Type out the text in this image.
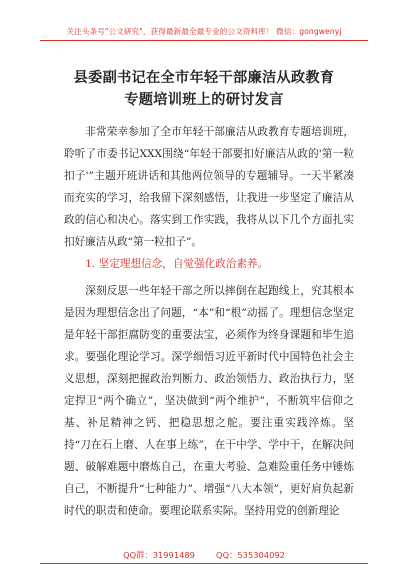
关注头条号"公文研究"，获得最新最全最专业的公文资料库！ 微信：gongwenyj
县委副书记在全市年轻干部廉洁从政教育
专题培训班上的研讨发言

非常荣幸参加了全市年轻干部廉洁从政教育专题培训班，聆听了市委书记XXX围绕“年轻干部要扣好廉洁从政的'第一粒扣子'”主题开班讲话和其他两位领导的专题辅导。一天半紧凑而充实的学习，给我留下深刻感悟，让我进一步坚定了廉洁从政的信心和决心。落实到工作实践，我将从以下几个方面扎实扣好廉洁从政“第一粒扣子”。

1. 坚定理想信念，自觉强化政治素养。

深刻反思一些年轻干部之所以摔倒在起跑线上，究其根本是因为理想信念出了问题，“本”和“根”动摇了。理想信念坚定是年轻干部拒腐防变的重要法宝，必须作为终身课题和毕生追求。要强化理论学习。深学细悟习近平新时代中国特色社会主义思想，深刻把握政治判断力、政治领悟力、政治执行力，坚定捍卫“两个确立”，坚决做到“两个维护”，不断筑牢信仰之基、补足精神之钙、把稳思想之舵。要注重实践淬炼。坚持“刀在石上磨、人在事上练”，在干中学、学中干，在解决问题、破解难题中磨炼自己，在重大考验、急难险重任务中锤炼自己，不断提升“七种能力”、增强“八大本领”，更好肩负起新时代的职责和使命。要理论联系实际。坚持用党的创新理论

QQ群：31991489        QQ：535304092
